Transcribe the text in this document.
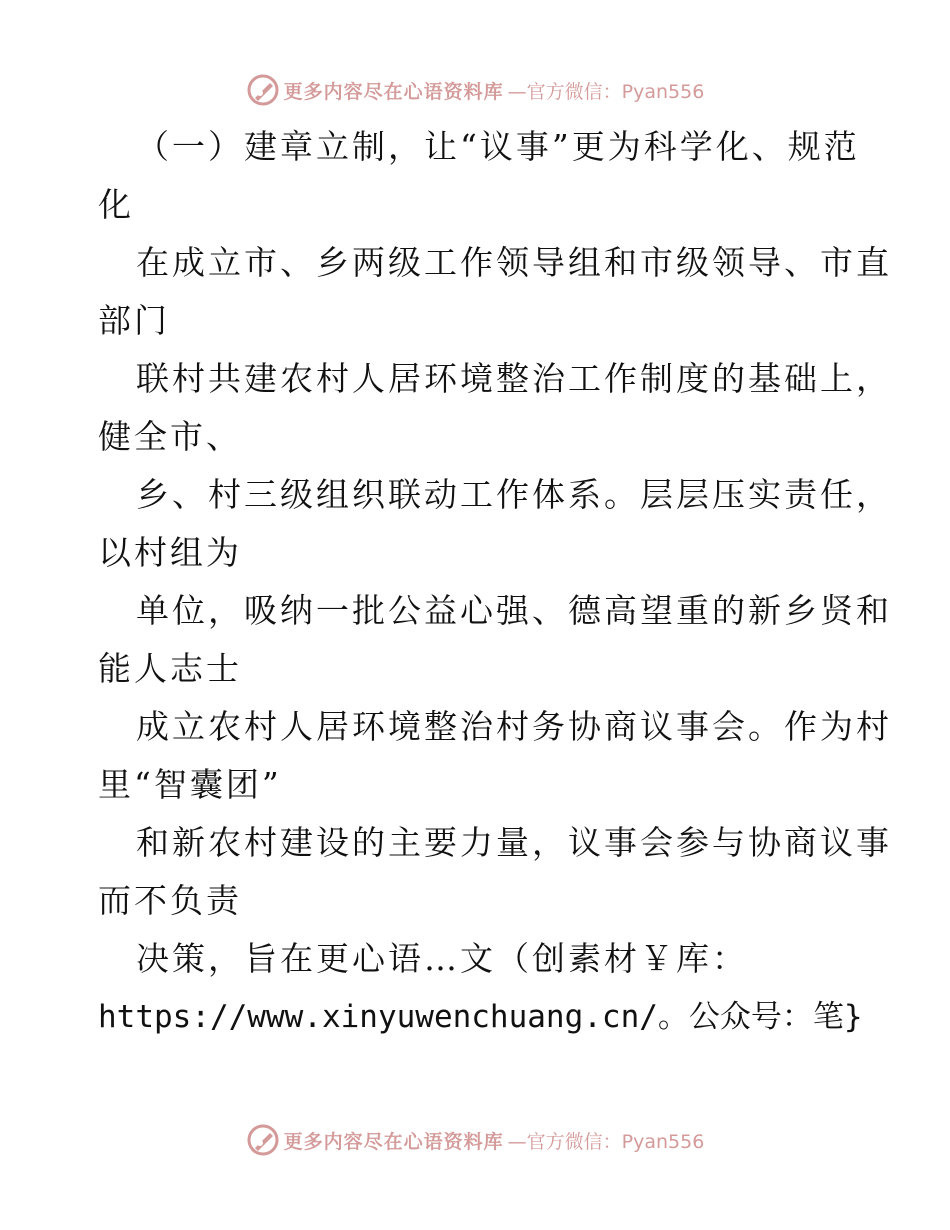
更多内容尽在心语资料库 —官方微信：Pyan556
（一）建章立制，让“议事”更为科学化、规范
化
在成立市、乡两级工作领导组和市级领导、市直
部门
联村共建农村人居环境整治工作制度的基础上，
健全市、
乡、村三级组织联动工作体系。层层压实责任，
以村组为
单位，吸纳一批公益心强、德高望重的新乡贤和
能人志士
成立农村人居环境整治村务协商议事会。作为村
里“智囊团”
和新农村建设的主要力量，议事会参与协商议事
而不负责
决策，旨在更心语…文（创素材￥库：
https://www.xinyuwenchuang.cn/。公众号：笔}
更多内容尽在心语资料库 —官方微信：Pyan556
